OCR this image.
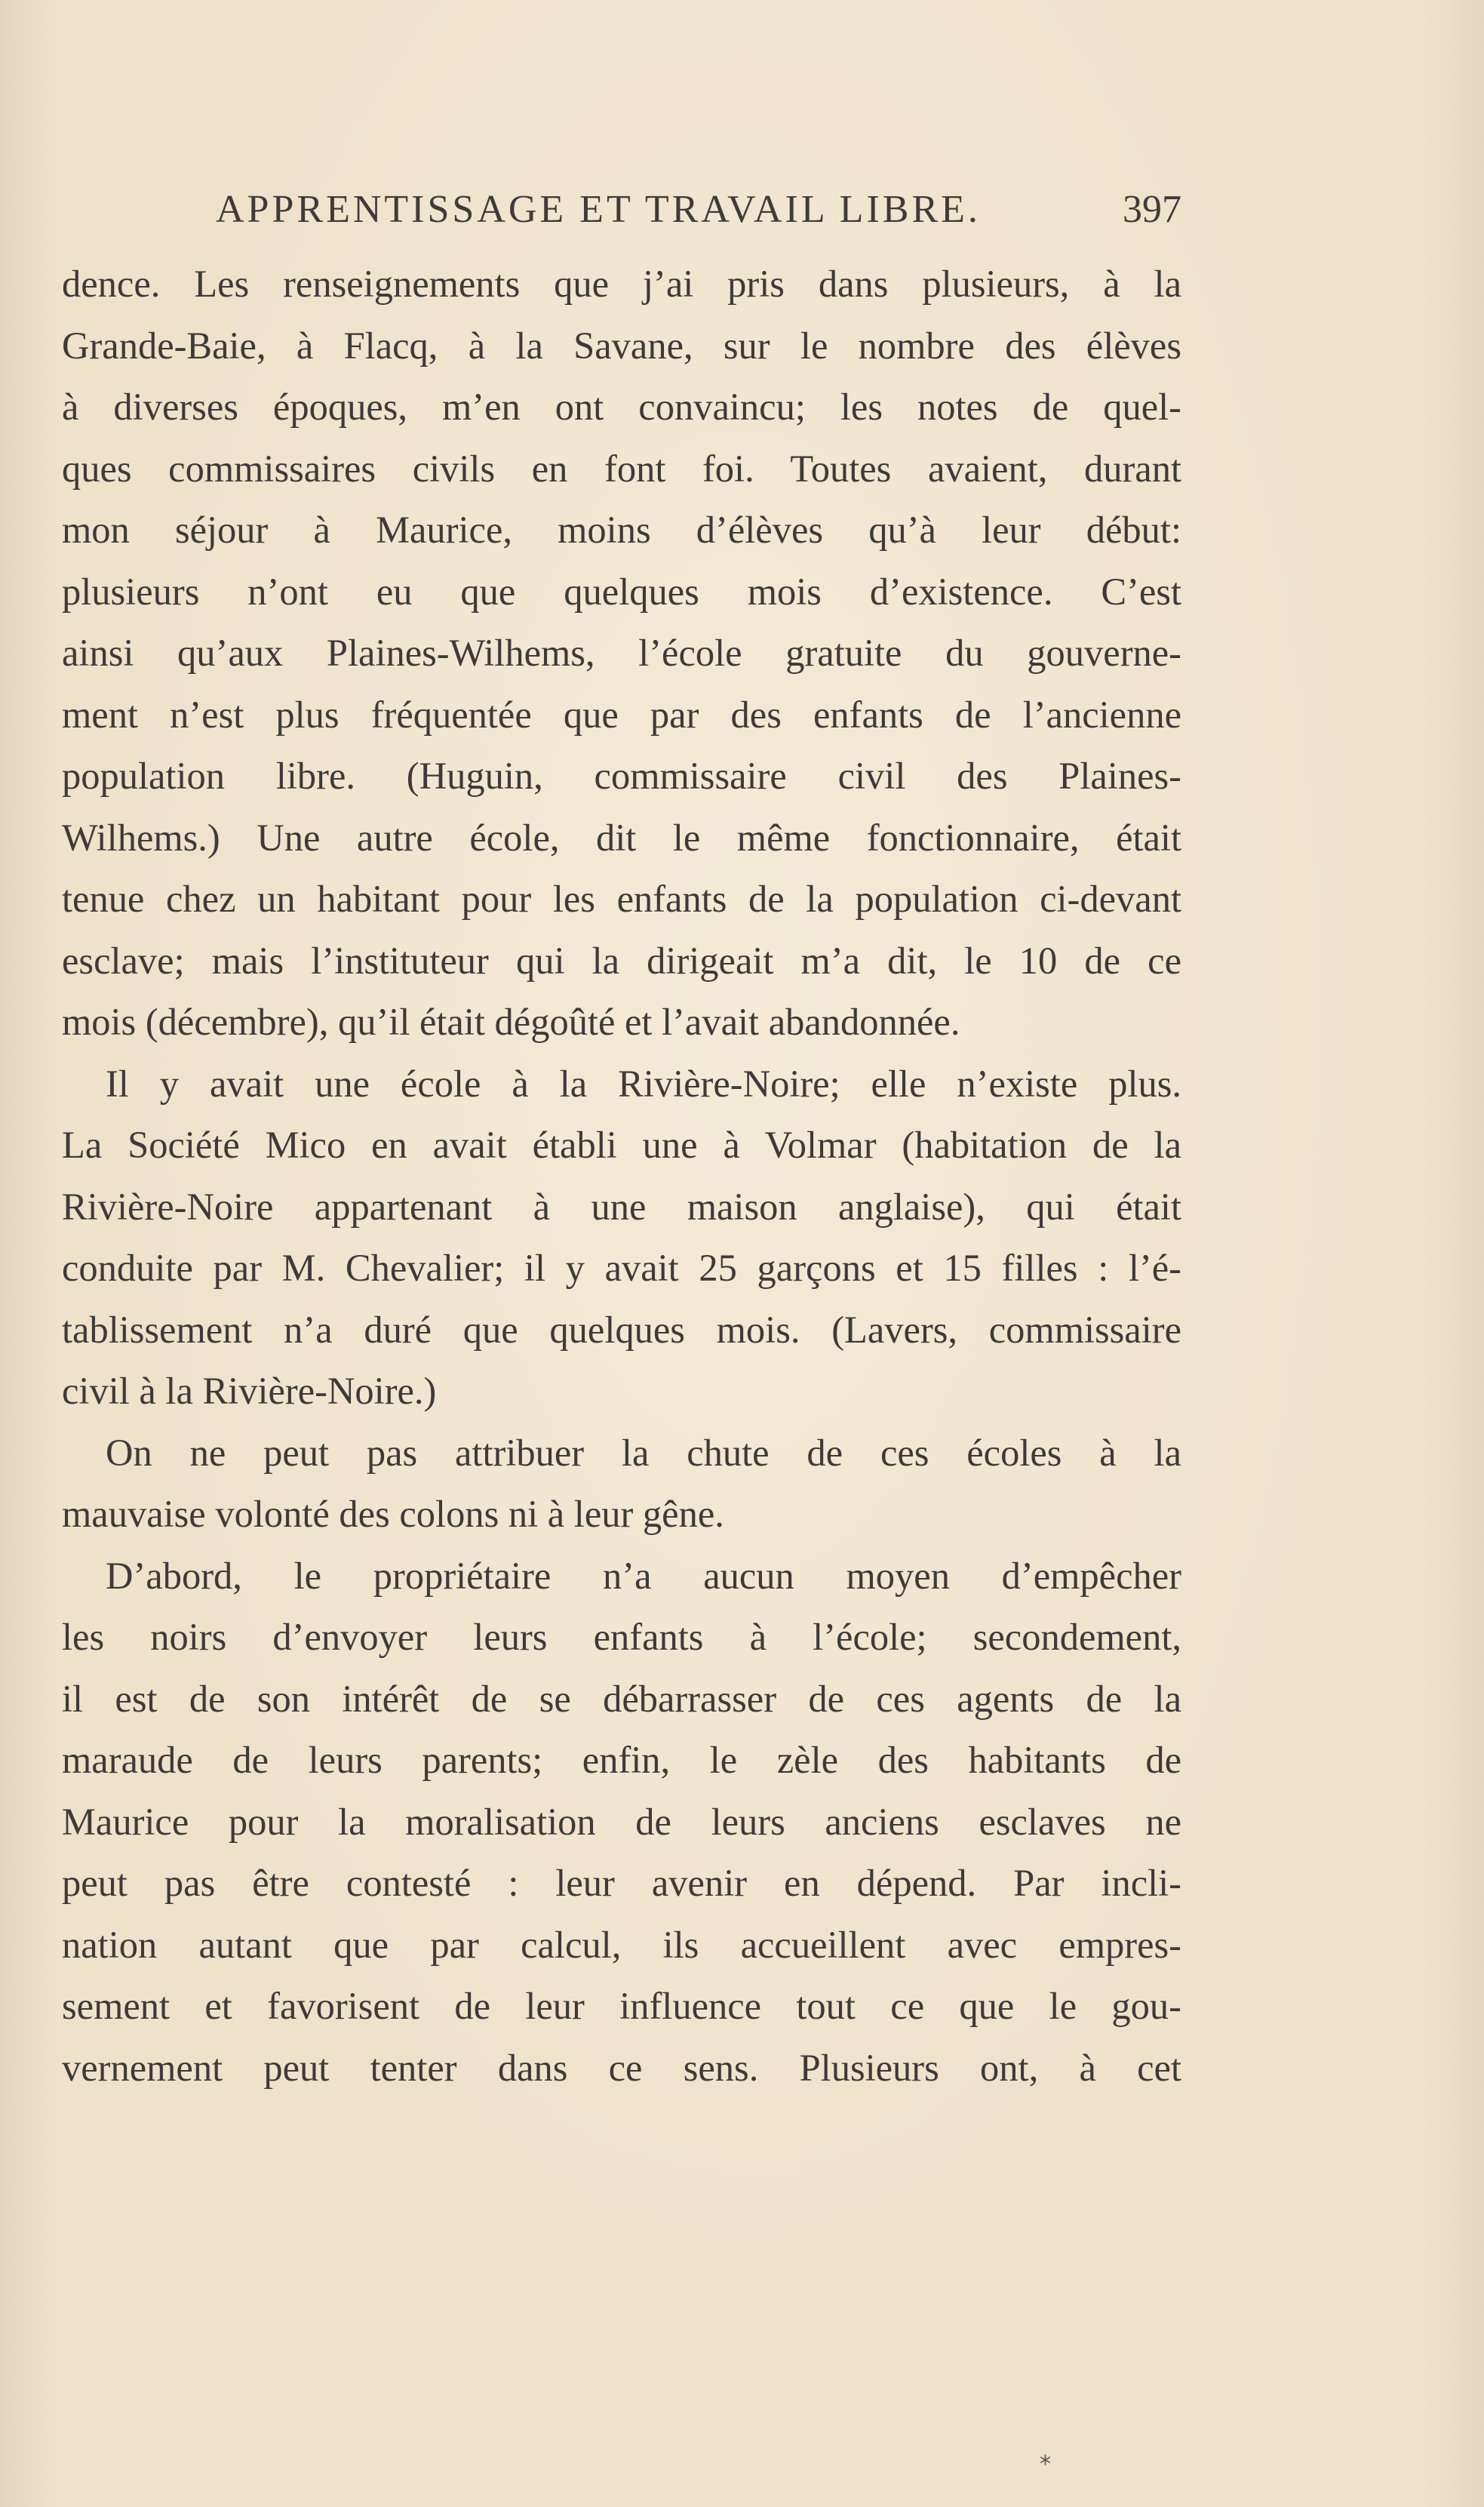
APPRENTISSAGE ET TRAVAIL LIBRE.	397
dence. Les renseignements que j’ai pris dans plusieurs, à la
Grande-Baie, à Flacq, à la Savane, sur le nombre des élèves
à diverses époques, m’en ont convaincu; les notes de quel-
ques commissaires civils en font foi. Toutes avaient, durant
mon séjour à Maurice, moins d’élèves qu’à leur début:
plusieurs n’ont eu que quelques mois d’existence. C’est
ainsi qu’aux Plaines-Wilhems, l’école gratuite du gouverne-
ment n’est plus fréquentée que par des enfants de l’ancienne
population libre. (Huguin, commissaire civil des Plaines-
Wilhems.) Une autre école, dit le même fonctionnaire, était
tenue chez un habitant pour les enfants de la population ci-devant
esclave; mais l’instituteur qui la dirigeait m’a dit, le 10 de ce
mois (décembre), qu’il était dégoûté et l’avait abandonnée.
Il y avait une école à la Rivière-Noire; elle n’existe plus.
La Société Mico en avait établi une à Volmar (habitation de la
Rivière-Noire appartenant à une maison anglaise), qui était
conduite par M. Chevalier; il y avait 25 garçons et 15 filles : l’é-
tablissement n’a duré que quelques mois. (Lavers, commissaire
civil à la Rivière-Noire.)
On ne peut pas attribuer la chute de ces écoles à la
mauvaise volonté des colons ni à leur gêne.
D’abord, le propriétaire n’a aucun moyen d’empêcher
les noirs d’envoyer leurs enfants à l’école; secondement,
il est de son intérêt de se débarrasser de ces agents de la
maraude de leurs parents; enfin, le zèle des habitants de
Maurice pour la moralisation de leurs anciens esclaves ne
peut pas être contesté : leur avenir en dépend. Par incli-
nation autant que par calcul, ils accueillent avec empres-
sement et favorisent de leur influence tout ce que le gou-
vernement peut tenter dans ce sens. Plusieurs ont, à cet
*
